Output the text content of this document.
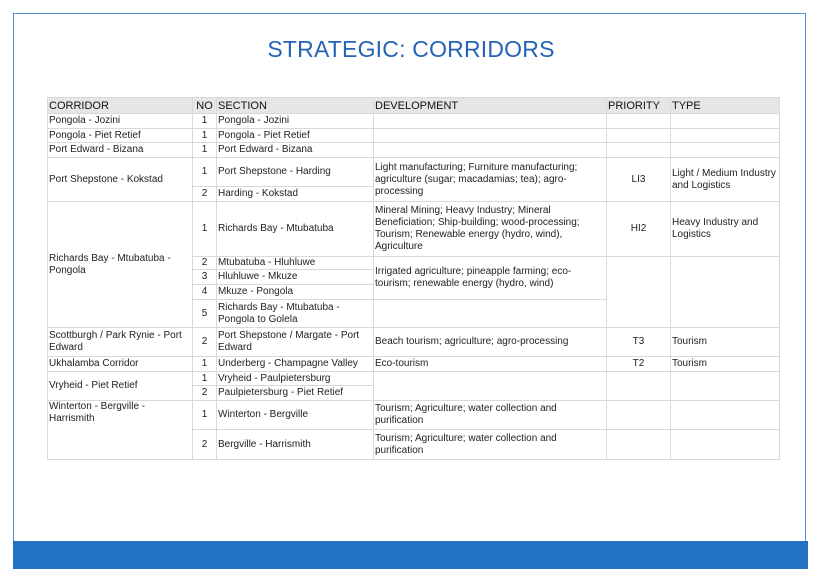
STRATEGIC: CORRIDORS
CORRIDOR	NO	SECTION	DEVELOPMENT	PRIORITY	TYPE
Pongola - Jozini	1	Pongola - Jozini			
Pongola - Piet Retief	1	Pongola - Piet Retief			
Port Edward - Bizana	1	Port Edward - Bizana			
Port Shepstone - Kokstad	1	Port Shepstone - Harding	Light manufacturing; Furniture manufacturing; agriculture (sugar; macadamias; tea); agro-processing	LI3	Light / Medium Industry and Logistics
	2	Harding - Kokstad			
Richards Bay - Mtubatuba - Pongola	1	Richards Bay - Mtubatuba	Mineral Mining; Heavy Industry; Mineral Beneficiation; Ship-building; wood-processing; Tourism; Renewable energy (hydro, wind), Agriculture	HI2	Heavy Industry and Logistics
	2	Mtubatuba - Hluhluwe	Irrigated agriculture; pineapple farming; eco-tourism; renewable energy (hydro, wind)		
	3	Hluhluwe - Mkuze			
	4	Mkuze - Pongola			
	5	Richards Bay - Mtubatuba - Pongola to Golela			
Scottburgh / Park Rynie - Port Edward	2	Port Shepstone / Margate - Port Edward	Beach tourism; agriculture; agro-processing	T3	Tourism
Ukhalamba Corridor	1	Underberg - Champagne Valley	Eco-tourism	T2	Tourism
Vryheid - Piet Retief	1	Vryheid - Paulpietersburg			
	2	Paulpietersburg - Piet Retief			
Winterton - Bergville - Harrismith	1	Winterton - Bergville	Tourism; Agriculture; water collection and purification		
	2	Bergville - Harrismith	Tourism; Agriculture; water collection and purification		
